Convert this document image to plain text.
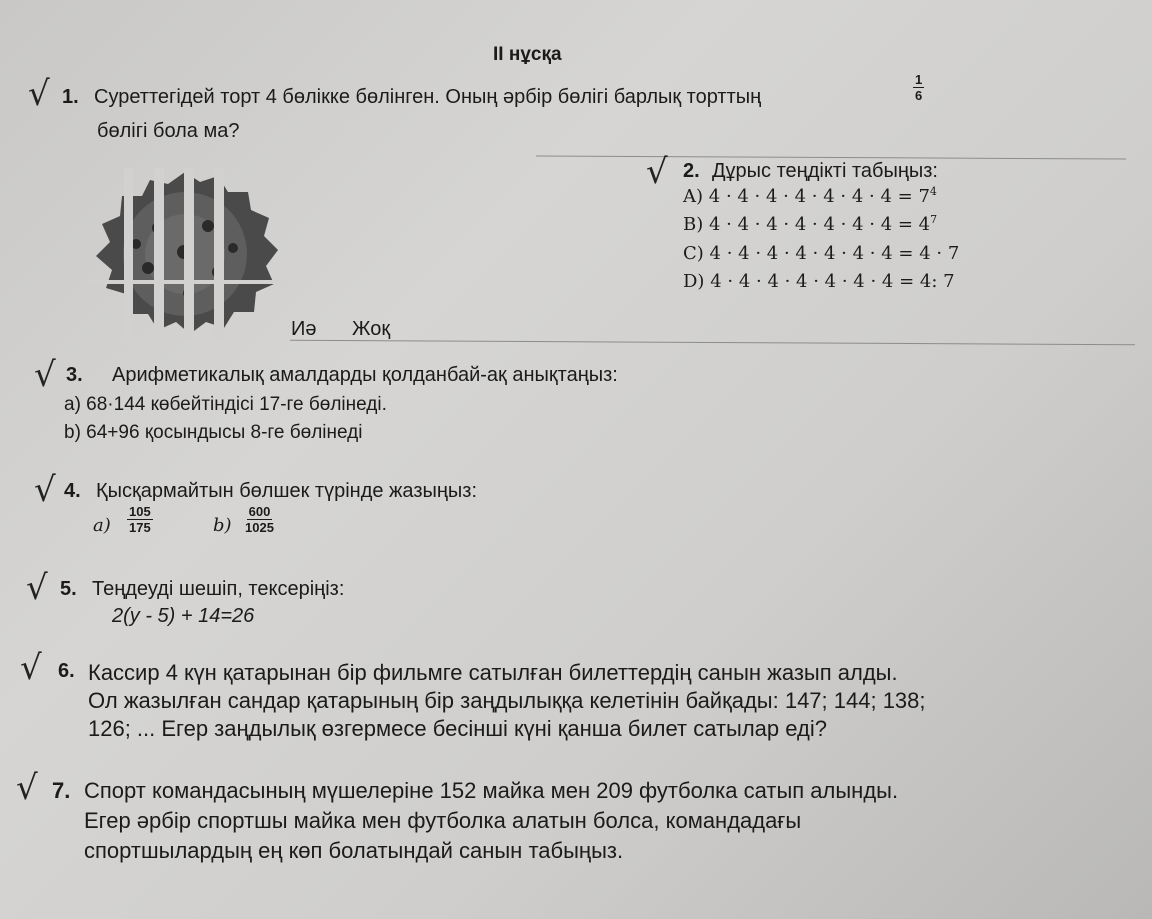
ІІ нұсқа
√ 1. Суреттегідей торт 4 бөлікке бөлінген. Оның әрбір бөлігі барлық торттың	$\frac{1}{6}$
бөлігі бола ма?
Иә Жоқ
√ 2. Дұрыс теңдікті табыңыз:
A) $4 \cdot 4 \cdot 4 \cdot 4 \cdot 4 \cdot 4 \cdot 4 = 7^4$
B) $4 \cdot 4 \cdot 4 \cdot 4 \cdot 4 \cdot 4 \cdot 4 = 4^7$
C) 4 · 4 · 4 · 4 · 4 · 4 · 4 = 4 · 7
D) 4 · 4 · 4 · 4 · 4 · 4 · 4 = 4: 7
√ 3. Арифметикалық амалдарды қолданбай-ақ анықтаңыз:
a) 68·144 көбейтіндісі 17-ге бөлінеді.
b) 64+96 қосындысы 8-ге бөлінеді
√ 4. Қысқармайтын бөлшек түрінде жазыңыз:
$a) \frac{105}{175}$	$b) \frac{600}{1025}$
√ 5. Теңдеуді шешіп, тексеріңіз:
2(y - 5) + 14=26
√ 6. Кассир 4 күн қатарынан бір фильмге сатылған билеттердің санын жазып алды.
Ол жазылған сандар қатарының бір заңдылыққа келетінін байқады: 147; 144; 138;
126; ... Егер заңдылық өзгермесе бесінші күні қанша билет сатылар еді?
√ 7. Спорт командасының мүшелеріне 152 майка мен 209 футболка сатып алынды.
Егер әрбір спортшы майка мен футболка алатын болса, командадағы
спортшылардың ең көп болатындай санын табыңыз.
